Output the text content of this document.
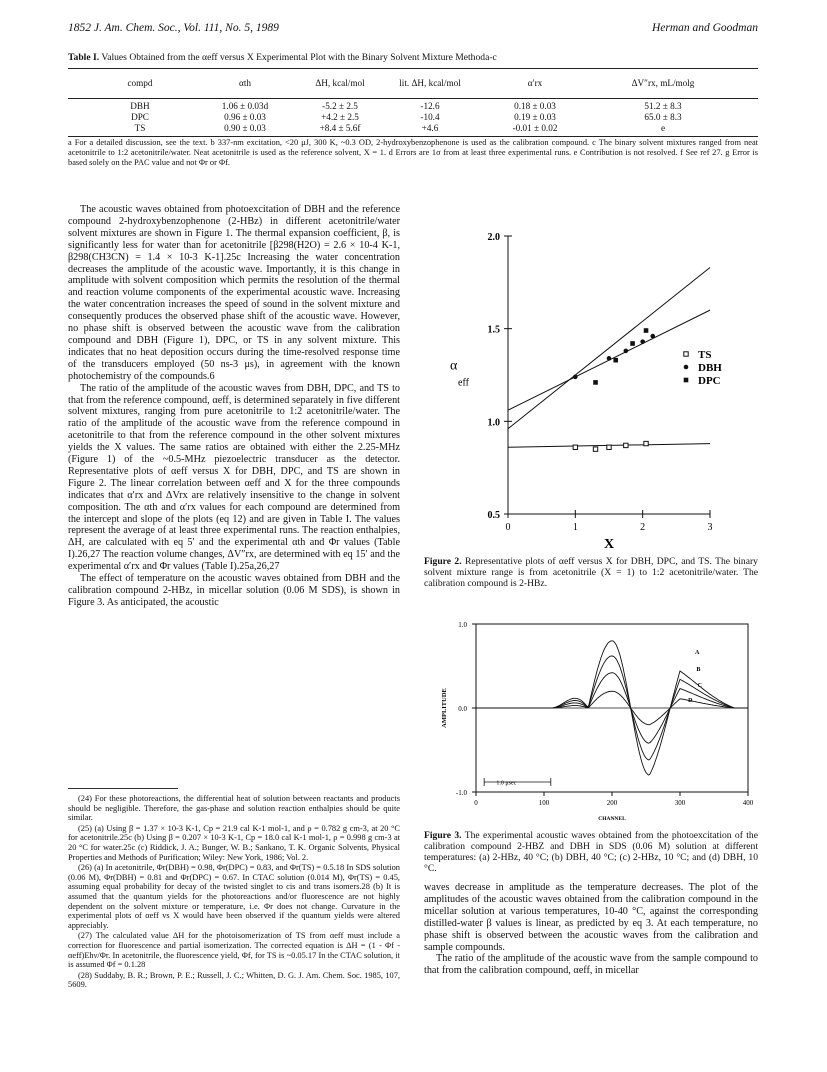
1852 J. Am. Chem. Soc., Vol. 111, No. 5, 1989	Herman and Goodman
Table I. Values Obtained from the αeff versus X Experimental Plot with the Binary Solvent Mixture Methoda-c
compd	αth	ΔH, kcal/mol	lit. ΔH, kcal/mol	α′rx	ΔV″rx, mL/molg
DBH	1.06 ± 0.03d	-5.2 ± 2.5	-12.6	0.18 ± 0.03	51.2 ± 8.3
DPC	0.96 ± 0.03	+4.2 ± 2.5	-10.4	0.19 ± 0.03	65.0 ± 8.3
TS	0.90 ± 0.03	+8.4 ± 5.6f	+4.6	-0.01 ± 0.02	e
a For a detailed discussion, see the text. b 337-nm excitation, <20 μJ, 300 K, ~0.3 OD, 2-hydroxybenzophenone is used as the calibration compound. c The binary solvent mixtures ranged from neat acetonitrile to 1:2 acetonitrile/water. Neat acetonitrile is used as the reference solvent, X = 1. d Errors are 1σ from at least three experimental runs. e Contribution is not resolved. f See ref 27. g Error is based solely on the PAC value and not Φr or Φf.

The acoustic waves obtained from photoexcitation of DBH and the reference compound 2-hydroxybenzophenone (2-HBz) in different acetonitrile/water solvent mixtures are shown in Figure 1. The thermal expansion coefficient, β, is significantly less for water than for acetonitrile [β298(H2O) = 2.6 × 10-4 K-1, β298(CH3CN) = 1.4 × 10-3 K-1].25c Increasing the water concentration decreases the amplitude of the acoustic wave. Importantly, it is this change in amplitude with solvent composition which permits the resolution of the thermal and reaction volume components of the experimental acoustic wave. Increasing the water concentration increases the speed of sound in the solvent mixture and consequently produces the observed phase shift of the acoustic wave. However, no phase shift is observed between the acoustic wave from the calibration compound and DBH (Figure 1), DPC, or TS in any solvent mixture. This indicates that no heat deposition occurs during the time-resolved response time of the transducers employed (50 ns-3 μs), in agreement with the known photochemistry of the compounds.6

The ratio of the amplitude of the acoustic waves from DBH, DPC, and TS to that from the reference compound, αeff, is determined separately in five different solvent mixtures, ranging from pure acetonitrile to 1:2 acetonitrile/water. The ratio of the amplitude of the acoustic wave from the reference compound in acetonitrile to that from the reference compound in the other solvent mixtures yields the X values. The same ratios are obtained with either the 2.25-MHz (Figure 1) of the ~0.5-MHz piezoelectric transducer as the detector. Representative plots of αeff versus X for DBH, DPC, and TS are shown in Figure 2. The linear correlation between αeff and X for the three compounds indicates that α′rx and ΔVrx are relatively insensitive to the change in solvent composition. The αth and α′rx values for each compound are determined from the intercept and slope of the plots (eq 12) and are given in Table I. The values represent the average of at least three experimental runs. The reaction enthalpies, ΔH, are calculated with eq 5′ and the experimental αth and Φr values (Table I).26,27 The reaction volume changes, ΔV″rx, are determined with eq 15′ and the experimental α′rx and Φr values (Table I).25a,26,27

The effect of temperature on the acoustic waves obtained from DBH and the calibration compound 2-HBz, in micellar solution (0.06 M SDS), is shown in Figure 3. As anticipated, the acoustic

(24) For these photoreactions, the differential heat of solution between reactants and products should be negligible. Therefore, the gas-phase and solution reaction enthalpies should be quite similar.

(25) (a) Using β = 1.37 × 10-3 K-1, Cp = 21.9 cal K-1 mol-1, and ρ = 0.782 g cm-3, at 20 °C for acetonitrile.25c (b) Using β = 0.207 × 10-3 K-1, Cp = 18.0 cal K-1 mol-1, ρ = 0.998 g cm-3 at 20 °C for water.25c (c) Riddick, J. A.; Bunger, W. B.; Sankano, T. K. Organic Solvents, Physical Properties and Methods of Purification; Wiley: New York, 1986; Vol. 2.

(26) (a) In acetonitrile, Φr(DBH) = 0.98, Φr(DPC) = 0.83, and Φr(TS) = 0.5.18 In SDS solution (0.06 M), Φr(DBH) = 0.81 and Φr(DPC) = 0.67. In CTAC solution (0.014 M), Φr(TS) = 0.45, assuming equal probability for decay of the twisted singlet to cis and trans isomers.28 (b) It is assumed that the quantum yields for the photoreactions and/or fluorescence are not highly dependent on the solvent mixture or temperature, i.e. Φr does not change. Curvature in the experimental plots of αeff vs X would have been observed if the quantum yields were altered appreciably.

(27) The calculated value ΔH for the photoisomerization of TS from αeff must include a correction for fluorescence and partial isomerization. The corrected equation is ΔH = (1 - Φf - αeff)Ehν/Φr. In acetonitrile, the fluorescence yield, Φf, for TS is ~0.05.17 In the CTAC solution, it is assumed Φf = 0.1.28

(28) Suddaby, B. R.; Brown, P. E.; Russell, J. C.; Whitten, D. G. J. Am. Chem. Soc. 1985, 107, 5609.

0.5
1.0
1.5
2.0
0	1	2	3
X
α
eff
TS
DBH
DPC
Figure 2. Representative plots of αeff versus X for DBH, DPC, and TS. The binary solvent mixture range is from acetonitrile (X = 1) to 1:2 acetonitrile/water. The calibration compound is 2-HBz.
1.0
0.0
-1.0
0	100	200	300	400
CHANNEL
AMPLITUDE
1.0 μsec
A
B
C
D
Figure 3. The experimental acoustic waves obtained from the photoexcitation of the calibration compound 2-HBZ and DBH in SDS (0.06 M) solution at different temperatures: (a) 2-HBz, 40 °C; (b) DBH, 40 °C; (c) 2-HBz, 10 °C; and (d) DBH, 10 °C.

waves decrease in amplitude as the temperature decreases. The plot of the amplitudes of the acoustic waves obtained from the calibration compound in the micellar solution at various temperatures, 10-40 °C, against the corresponding distilled-water β values is linear, as predicted by eq 3. At each temperature, no phase shift is observed between the acoustic waves from the calibration and sample compounds.

The ratio of the amplitude of the acoustic wave from the sample compound to that from the calibration compound, αeff, in micellar
